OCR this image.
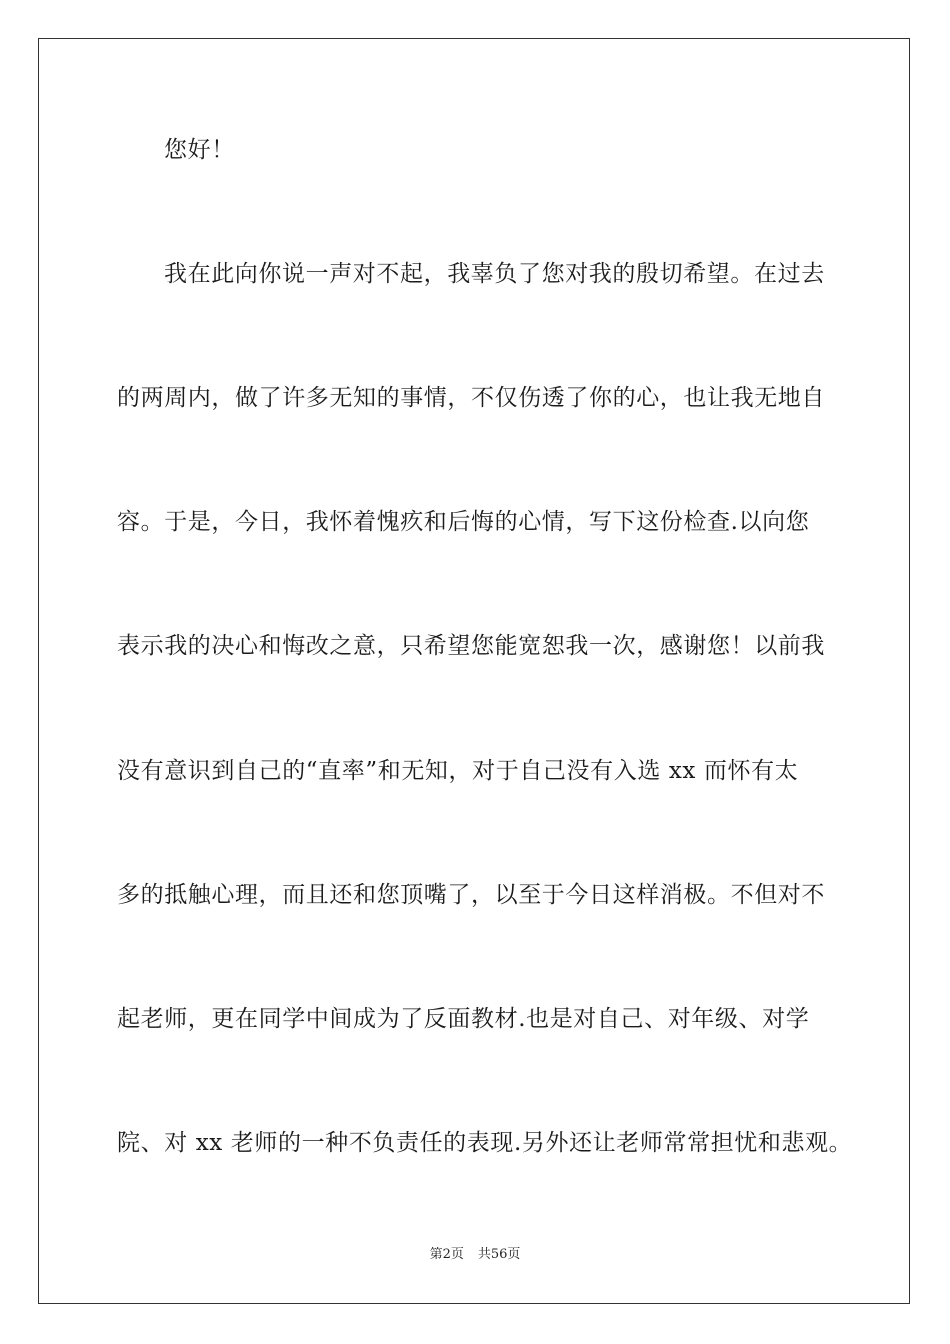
您好！
我在此向你说一声对不起，我辜负了您对我的殷切希望。在过去
的两周内，做了许多无知的事情，不仅伤透了你的心，也让我无地自
容。于是，今日，我怀着愧疚和后悔的心情，写下这份检查.以向您
表示我的决心和悔改之意，只希望您能宽恕我一次，感谢您！以前我
没有意识到自己的“直率”和无知，对于自己没有入选 xx 而怀有太
多的抵触心理，而且还和您顶嘴了，以至于今日这样消极。不但对不
起老师，更在同学中间成为了反面教材.也是对自己、对年级、对学
院、对 xx 老师的一种不负责任的表现.另外还让老师常常担忧和悲观。
第2页 共56页
